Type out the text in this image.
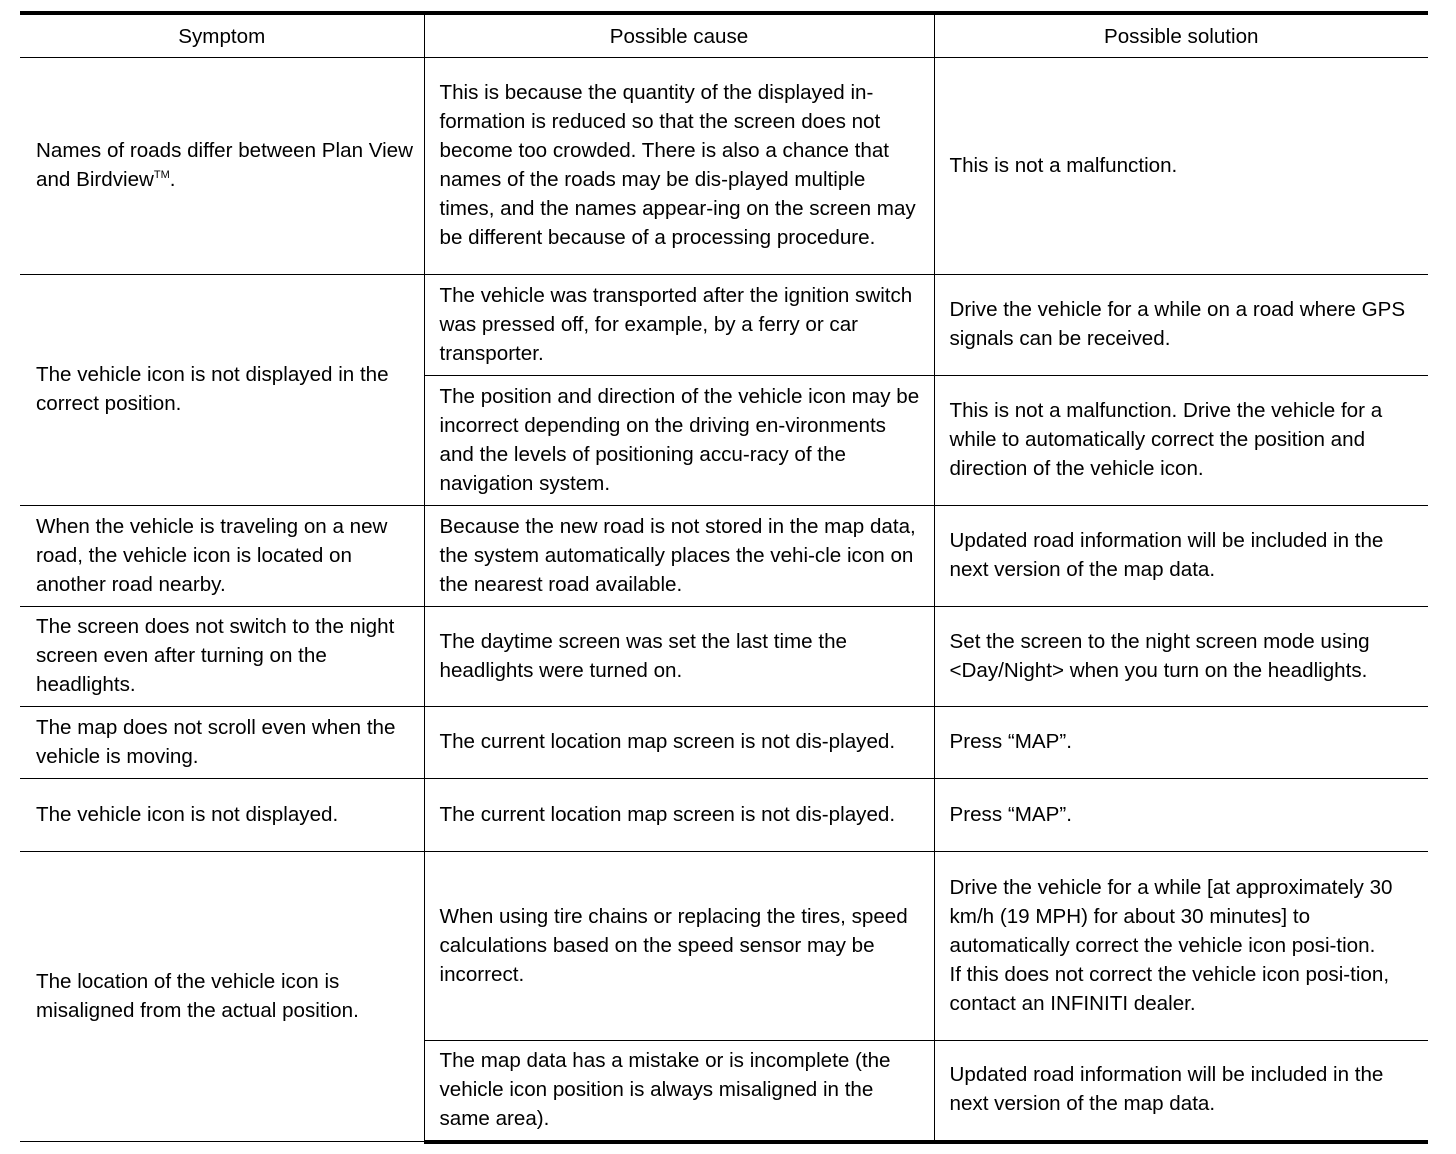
Symptom	Possible cause	Possible solution
Names of roads differ between Plan View and Birdview™.	This is because the quantity of the displayed in-formation is reduced so that the screen does not become too crowded. There is also a chance that names of the roads may be dis-played multiple times, and the names appear-ing on the screen may be different because of a processing procedure.	This is not a malfunction.
The vehicle icon is not displayed in the correct position.	The vehicle was transported after the ignition switch was pressed off, for example, by a ferry or car transporter.	Drive the vehicle for a while on a road where GPS signals can be received.
	The position and direction of the vehicle icon may be incorrect depending on the driving en-vironments and the levels of positioning accu-racy of the navigation system.	This is not a malfunction. Drive the vehicle for a while to automatically correct the position and direction of the vehicle icon.
When the vehicle is traveling on a new road, the vehicle icon is located on another road nearby.	Because the new road is not stored in the map data, the system automatically places the vehi-cle icon on the nearest road available.	Updated road information will be included in the next version of the map data.
The screen does not switch to the night screen even after turning on the headlights.	The daytime screen was set the last time the headlights were turned on.	Set the screen to the night screen mode using <Day/Night> when you turn on the headlights.
The map does not scroll even when the vehicle is moving.	The current location map screen is not dis-played.	Press “MAP”.
The vehicle icon is not displayed.	The current location map screen is not dis-played.	Press “MAP”.
The location of the vehicle icon is misaligned from the actual position.	When using tire chains or replacing the tires, speed calculations based on the speed sensor may be incorrect.	Drive the vehicle for a while [at approximately 30 km/h (19 MPH) for about 30 minutes] to automatically correct the vehicle icon posi-tion.
If this does not correct the vehicle icon posi-tion, contact an INFINITI dealer.

	The map data has a mistake or is incomplete (the vehicle icon position is always misaligned in the same area).	Updated road information will be included in the next version of the map data.
